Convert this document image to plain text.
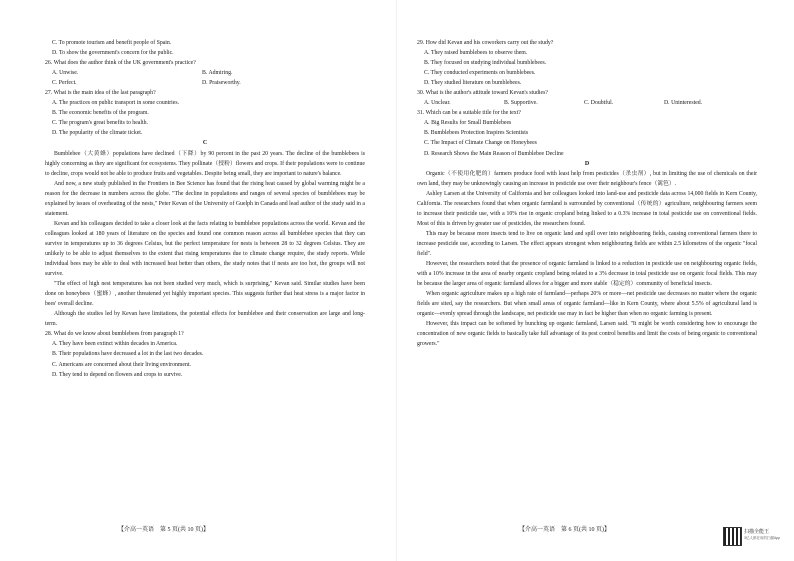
C. To promote tourism and benefit people of Spain.
D. To show the government's concern for the public.
26. What does the author think of the UK government's practice?
A. Unwise.	B. Admiring.
C. Perfect.	D. Praiseworthy.
27. What is the main idea of the last paragraph?
A. The practices on public transport in some countries.
B. The economic benefits of the program.
C. The program's great benefits to health.
D. The popularity of the climate ticket.
C

Bumblebee（大黄蜂）populations have declined（下降）by 90 percent in the past 20 years. The decline of the bumblebees is highly concerning as they are significant for ecosystems. They pollinate（授粉）flowers and crops. If their populations were to continue to decline, crops would not be able to produce fruits and vegetables. Despite being small, they are important to nature's balance.

And now, a new study published in the Frontiers in Bee Science has found that the rising heat caused by global warming might be a reason for the decrease in numbers across the globe. "The decline in populations and ranges of several species of bumblebees may be explained by issues of overheating of the nests," Peter Kevan of the University of Guelph in Canada and lead author of the study said in a statement.

Kevan and his colleagues decided to take a closer look at the facts relating to bumblebee populations across the world. Kevan and the colleagues looked at 180 years of literature on the species and found one common reason across all bumblebee species that they can survive in temperatures up to 36 degrees Celsius, but the perfect temperature for nests is between 28 to 32 degrees Celsius. They are unlikely to be able to adjust themselves to the extent that rising temperatures due to climate change require, the study reports. While individual bees may be able to deal with increased heat better than others, the study notes that if nests are too hot, the groups will not survive.

"The effect of high nest temperatures has not been studied very much, which is surprising," Kevan said. Similar studies have been done on honeybees（蜜蜂）, another threatened yet highly important species. This suggests further that heat stress is a major factor in bees' overall decline.

Although the studies led by Kevan have limitations, the potential effects for bumblebee and their conservation are large and long-term.

28. What do we know about bumblebees from paragraph 1?
A. They have been extinct within decades in America.
B. Their populations have decreased a lot in the last two decades.
C. Americans are concerned about their living environment.
D. They tend to depend on flowers and crops to survive.
【介高一英语　第 5 页(共 10 页)】
29. How did Kevan and his coworkers carry out the study?
A. They raised bumblebees to observe them.
B. They focused on studying individual bumblebees.
C. They conducted experiments on bumblebees.
D. They studied literature on bumblebees.
30. What is the author's attitude toward Kevan's studies?
A. Unclear.	B. Supportive.	C. Doubtful.	D. Uninterested.
31. Which can be a suitable title for the text?
A. Big Results for Small Bumblebees
B. Bumblebees Protection Inspires Scientists
C. The Impact of Climate Change on Honeybees
D. Research Shows the Main Reason of Bumblebee Decline
D

Organic（不使用化肥的）farmers produce food with least help from pesticides（杀虫剂）, but in limiting the use of chemicals on their own land, they may be unknowingly causing an increase in pesticide use over their neighbour's fence（篱笆）.

Ashley Larsen at the University of California and her colleagues looked into land-use and pesticide data across 14,000 fields in Kern County, California. The researchers found that when organic farmland is surrounded by conventional（传统的）agriculture, neighbouring farmers seem to increase their pesticide use, with a 10% rise in organic cropland being linked to a 0.3% increase in total pesticide use on conventional fields. Most of this is driven by greater use of pesticides, the researchers found.

This may be because more insects tend to live on organic land and spill over into neighbouring fields, causing conventional farmers there to increase pesticide use, according to Larsen. The effect appears strongest when neighbouring fields are within 2.5 kilometres of the organic "focal field".

However, the researchers noted that the presence of organic farmland is linked to a reduction in pesticide use on neighbouring organic fields, with a 10% increase in the area of nearby organic cropland being related to a 3% decrease in total pesticide use on organic focal fields. This may be because the larger area of organic farmland allows for a bigger and more stable（稳定的）community of beneficial insects.

When organic agriculture makes up a high rate of farmland—perhaps 20% or more—net pesticide use decreases no matter where the organic fields are sited, say the researchers. But when small areas of organic farmland—like in Kern County, where about 5.5% of agricultural land is organic—evenly spread through the landscape, net pesticide use may in fact be higher than when no organic farming is present.

However, this impact can be softened by bunching up organic farmland, Larsen said. "It might be worth considering how to encourage the concentration of new organic fields to basically take full advantage of its pest control benefits and limit the costs of being organic to conventional growers."

【介高一英语　第 6 页(共 10 页)】	扫描全能王
3亿人都在用的扫描App
